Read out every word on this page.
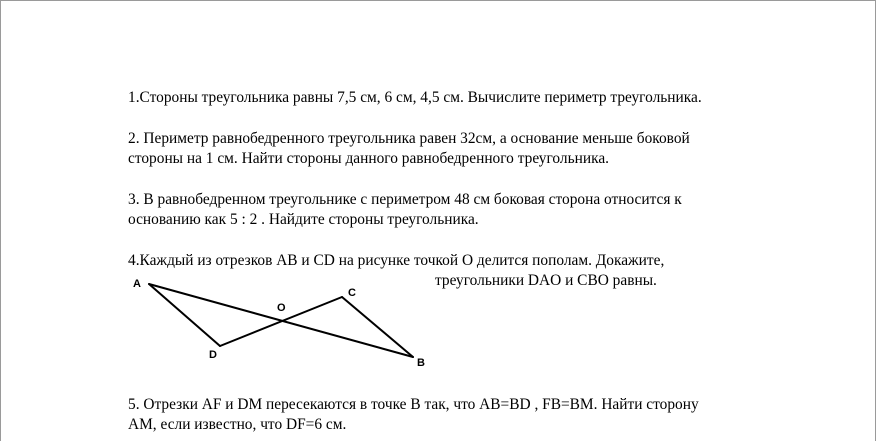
1.Стороны треугольника равны 7,5 см, 6 см, 4,5 см. Вычислите периметр треугольника.
2. Периметр равнобедренного треугольника равен 32см, а основание меньше боковой
стороны на 1 см. Найти стороны данного равнобедренного треугольника.
3. В равнобедренном треугольнике с периметром 48 см боковая сторона относится к
основанию как 5 : 2 . Найдите стороны треугольника.
4.Каждый из отрезков АВ и CD на рисунке точкой О делится пополам. Докажите,
треугольники DAO и СВО равны.
A
O
C
D
B
5. Отрезки AF и DM пересекаются в точке В так, что АВ=BD , FB=BM. Найти сторону
АМ, если известно, что DF=6 см.
